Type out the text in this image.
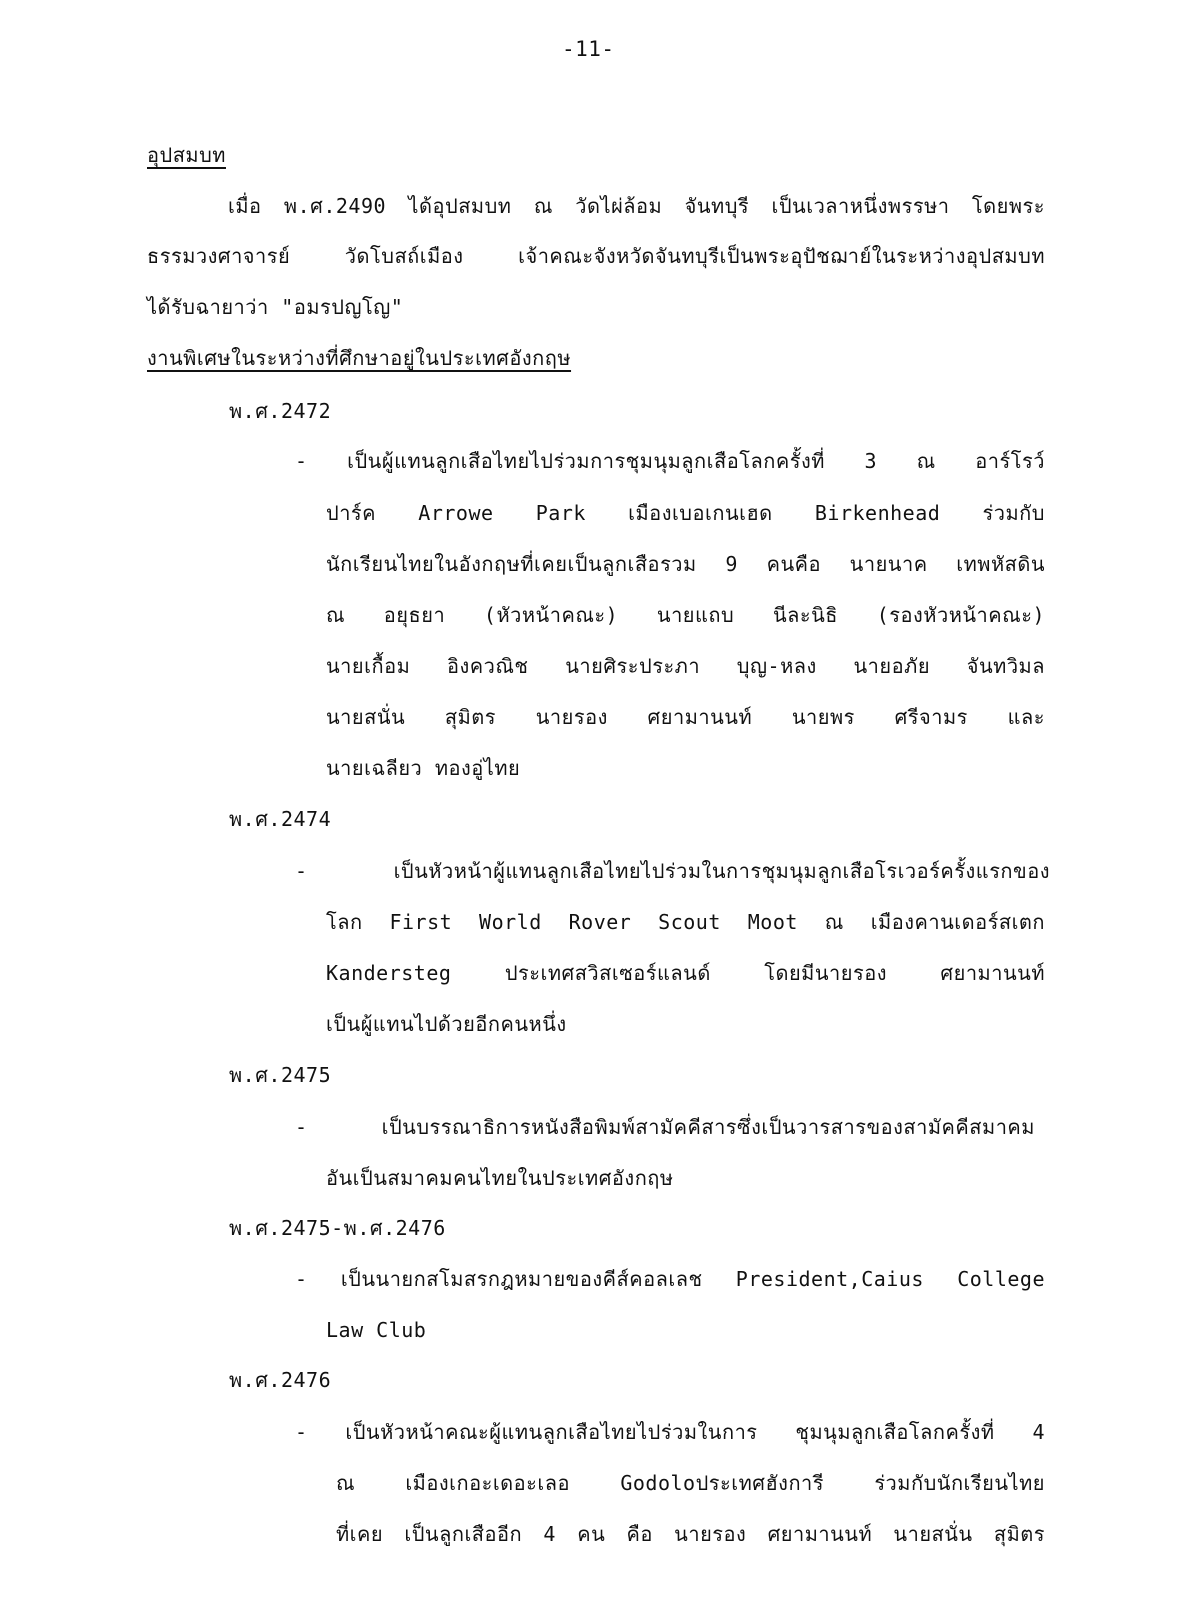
-11-
อุปสมบท
เมื่อ พ.ศ.2490 ได้อุปสมบท ณ วัดไผ่ล้อม จันทบุรี เป็นเวลาหนึ่งพรรษา โดยพระ
ธรรมวงศาจารย์ วัดโบสถ์เมือง เจ้าคณะจังหวัดจันทบุรีเป็นพระอุปัชฌาย์ในระหว่างอุปสมบท
ได้รับฉายาว่า "อมรปญโญ"
งานพิเศษในระหว่างที่ศึกษาอยู่ในประเทศอังกฤษ
พ.ศ.2472
- เป็นผู้แทนลูกเสือไทยไปร่วมการชุมนุมลูกเสือโลกครั้งที่ 3 ณ อาร์โรว์
ปาร์ค Arrowe Park เมืองเบอเกนเฮด Birkenhead ร่วมกับ
นักเรียนไทยในอังกฤษที่เคยเป็นลูกเสือรวม 9 คนคือ นายนาค เทพหัสดิน
ณ อยุธยา (หัวหน้าคณะ) นายแถบ นีละนิธิ (รองหัวหน้าคณะ)
นายเกื้อม อิงควณิช นายศิระประภา บุญ-หลง นายอภัย จันทวิมล
นายสนั่น สุมิตร นายรอง ศยามานนท์ นายพร ศรีจามร และ
นายเฉลียว ทองอู่ไทย
พ.ศ.2474
- เป็นหัวหน้าผู้แทนลูกเสือไทยไปร่วมในการชุมนุมลูกเสือโรเวอร์ครั้งแรกของ
โลก First World Rover Scout Moot ณ เมืองคานเดอร์สเตก
Kandersteg ประเทศสวิสเซอร์แลนด์ โดยมีนายรอง ศยามานนท์
เป็นผู้แทนไปด้วยอีกคนหนึ่ง
พ.ศ.2475
- เป็นบรรณาธิการหนังสือพิมพ์สามัคคีสารซึ่งเป็นวารสารของสามัคคีสมาคม
อันเป็นสมาคมคนไทยในประเทศอังกฤษ
พ.ศ.2475-พ.ศ.2476
- เป็นนายกสโมสรกฎหมายของคีส์คอลเลช President,Caius College
Law Club
พ.ศ.2476
- เป็นหัวหน้าคณะผู้แทนลูกเสือไทยไปร่วมในการ ชุมนุมลูกเสือโลกครั้งที่ 4
ณ เมืองเกอะเดอะเลอ Godoloประเทศฮังการี ร่วมกับนักเรียนไทย
ที่เคย เป็นลูกเสืออีก 4 คน คือ นายรอง ศยามานนท์ นายสนั่น สุมิตร
